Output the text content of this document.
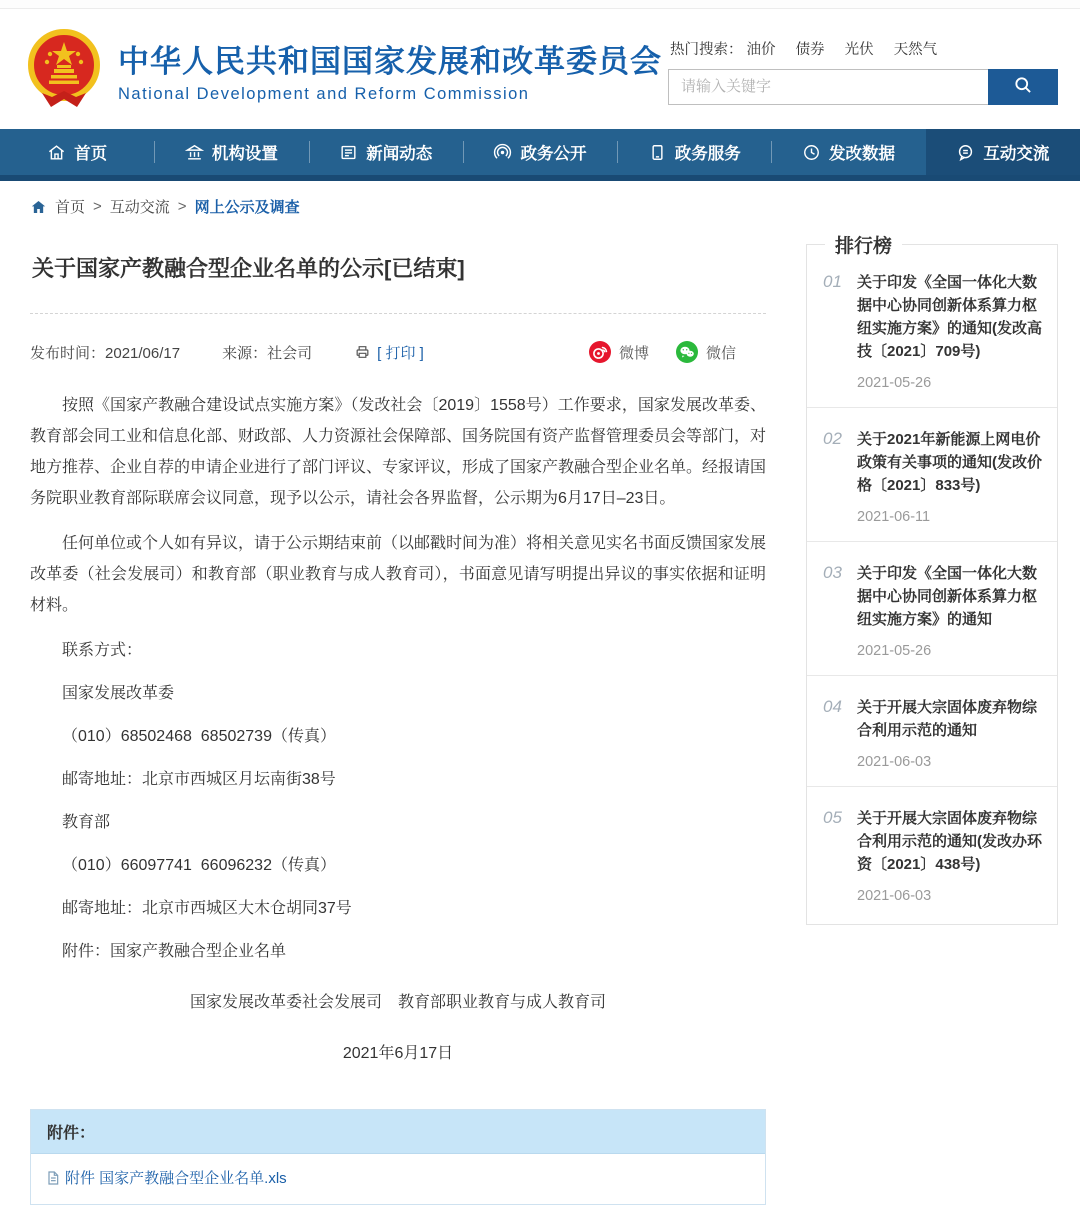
中华人民共和国国家发展和改革委员会
National Development and Reform Commission
热门搜索： 油价 债券 光伏 天然气
请输入关键字
首页	机构设置	新闻动态	政务公开	政务服务	发改数据	互动交流
首页 > 互动交流 > 网上公示及调查
关于国家产教融合型企业名单的公示[已结束]
发布时间：2021/06/17	来源：社会司	[ 打印 ]	微博	微信

按照《国家产教融合建设试点实施方案》（发改社会〔2019〕1558号）工作要求，国家发展改革委、教育部会同工业和信息化部、财政部、人力资源社会保障部、国务院国有资产监督管理委员会等部门，对地方推荐、企业自荐的申请企业进行了部门评议、专家评议，形成了国家产教融合型企业名单。经报请国务院职业教育部际联席会议同意，现予以公示，请社会各界监督，公示期为6月17日–23日。

任何单位或个人如有异议，请于公示期结束前（以邮戳时间为准）将相关意见实名书面反馈国家发展改革委（社会发展司）和教育部（职业教育与成人教育司），书面意见请写明提出异议的事实依据和证明材料。

联系方式：

国家发展改革委

（010）68502468  68502739（传真）

邮寄地址：北京市西城区月坛南街38号

教育部

（010）66097741  66096232（传真）

邮寄地址：北京市西城区大木仓胡同37号

附件：国家产教融合型企业名单

国家发展改革委社会发展司　教育部职业教育与成人教育司

2021年6月17日

附件：
附件 国家产教融合型企业名单.xls
排行榜
01	关于印发《全国一体化大数据中心协同创新体系算力枢纽实施方案》的通知(发改高技〔2021〕709号)
2021-05-26
02	关于2021年新能源上网电价政策有关事项的通知(发改价格〔2021〕833号)
2021-06-11
03	关于印发《全国一体化大数据中心协同创新体系算力枢纽实施方案》的通知
2021-05-26
04	关于开展大宗固体废弃物综合利用示范的通知
2021-06-03
05	关于开展大宗固体废弃物综合利用示范的通知(发改办环资〔2021〕438号)
2021-06-03
